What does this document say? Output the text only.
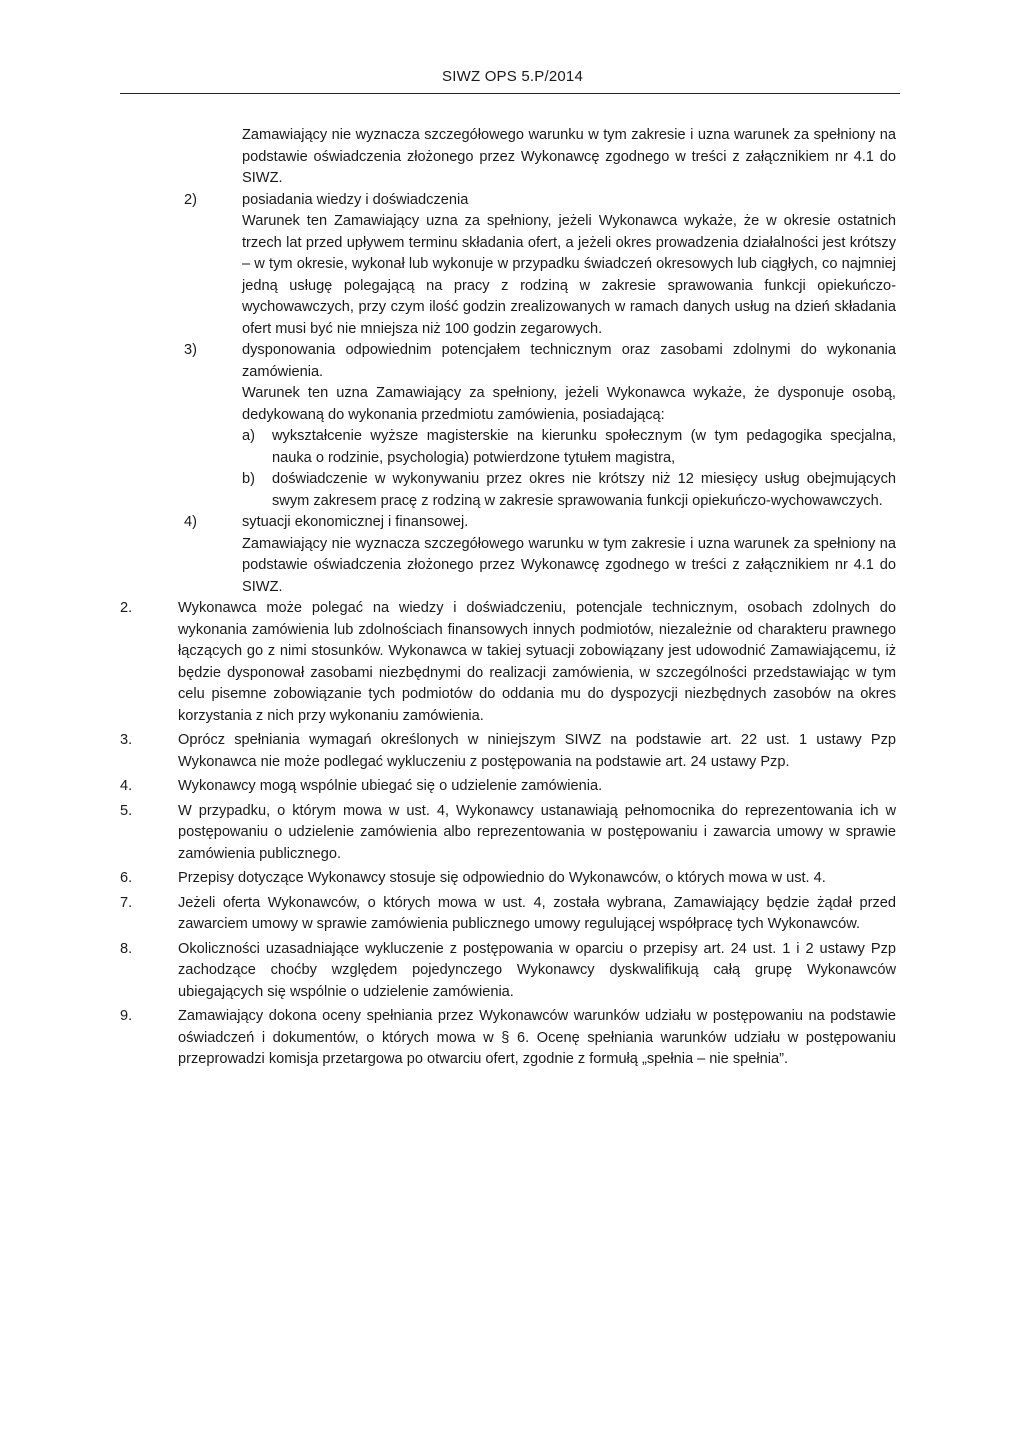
SIWZ OPS 5.P/2014

Zamawiający nie wyznacza szczegółowego warunku w tym zakresie i uzna warunek za spełniony na podstawie oświadczenia złożonego przez Wykonawcę zgodnego w treści z załącznikiem nr 4.1 do SIWZ.

2)	posiadania wiedzy i doświadczenia

Warunek ten Zamawiający uzna za spełniony, jeżeli Wykonawca wykaże, że w okresie ostatnich trzech lat przed upływem terminu składania ofert, a jeżeli okres prowadzenia działalności jest krótszy – w tym okresie, wykonał lub wykonuje w przypadku świadczeń okresowych lub ciągłych, co najmniej jedną usługę polegającą na pracy z rodziną w zakresie sprawowania funkcji opiekuńczo-wychowawczych, przy czym ilość godzin zrealizowanych w ramach danych usług na dzień składania ofert musi być nie mniejsza niż 100 godzin zegarowych.

3)	dysponowania odpowiednim potencjałem technicznym oraz zasobami zdolnymi do wykonania zamówienia.

Warunek ten uzna Zamawiający za spełniony, jeżeli Wykonawca wykaże, że dysponuje osobą, dedykowaną do wykonania przedmiotu zamówienia, posiadającą:

a) wykształcenie wyższe magisterskie na kierunku społecznym (w tym pedagogika specjalna, nauka o rodzinie, psychologia) potwierdzone tytułem magistra,

b) doświadczenie w wykonywaniu przez okres nie krótszy niż 12 miesięcy usług obejmujących swym zakresem pracę z rodziną w zakresie sprawowania funkcji opiekuńczo-wychowawczych.

4)	sytuacji ekonomicznej i finansowej.

Zamawiający nie wyznacza szczegółowego warunku w tym zakresie i uzna warunek za spełniony na podstawie oświadczenia złożonego przez Wykonawcę zgodnego w treści z załącznikiem nr 4.1 do SIWZ.

2.	Wykonawca może polegać na wiedzy i doświadczeniu, potencjale technicznym, osobach zdolnych do wykonania zamówienia lub zdolnościach finansowych innych podmiotów, niezależnie od charakteru prawnego łączących go z nimi stosunków. Wykonawca w takiej sytuacji zobowiązany jest udowodnić Zamawiającemu, iż będzie dysponował zasobami niezbędnymi do realizacji zamówienia, w szczególności przedstawiając w tym celu pisemne zobowiązanie tych podmiotów do oddania mu do dyspozycji niezbędnych zasobów na okres korzystania z nich przy wykonaniu zamówienia.

3.	Oprócz spełniania wymagań określonych w niniejszym SIWZ na podstawie art. 22 ust. 1 ustawy Pzp Wykonawca nie może podlegać wykluczeniu z postępowania na podstawie art. 24 ustawy Pzp.

4.	Wykonawcy mogą wspólnie ubiegać się o udzielenie zamówienia.

5.	W przypadku, o którym mowa w ust. 4, Wykonawcy ustanawiają pełnomocnika do reprezentowania ich w postępowaniu o udzielenie zamówienia albo reprezentowania w postępowaniu i zawarcia umowy w sprawie zamówienia publicznego.

6.	Przepisy dotyczące Wykonawcy stosuje się odpowiednio do Wykonawców, o których mowa w ust. 4.

7.	Jeżeli oferta Wykonawców, o których mowa w ust. 4, została wybrana, Zamawiający będzie żądał przed zawarciem umowy w sprawie zamówienia publicznego umowy regulującej współpracę tych Wykonawców.

8.	Okoliczności uzasadniające wykluczenie z postępowania w oparciu o przepisy art. 24 ust. 1 i 2 ustawy Pzp zachodzące choćby względem pojedynczego Wykonawcy dyskwalifikują całą grupę Wykonawców ubiegających się wspólnie o udzielenie zamówienia.

9.	Zamawiający dokona oceny spełniania przez Wykonawców warunków udziału w postępowaniu na podstawie oświadczeń i dokumentów, o których mowa w § 6. Ocenę spełniania warunków udziału w postępowaniu przeprowadzi komisja przetargowa po otwarciu ofert, zgodnie z formułą „spełnia – nie spełnia”.
